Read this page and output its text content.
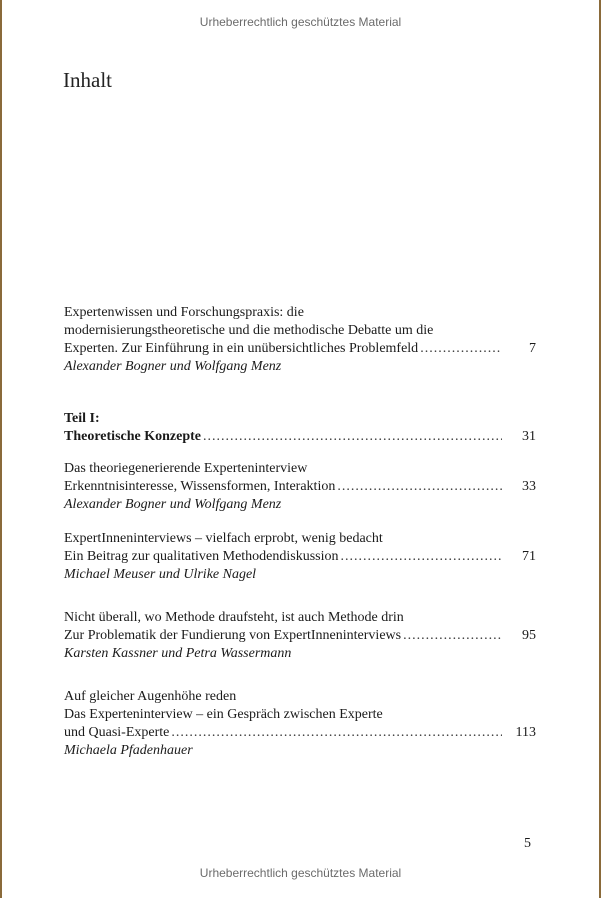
Urheberrechtlich geschütztes Material
Inhalt
Expertenwissen und Forschungspraxis: die
modernisierungstheoretische und die methodische Debatte um die
Experten. Zur Einführung in ein unübersichtliches Problemfeld .....	7
Alexander Bogner und Wolfgang Menz
Teil I:
Theoretische Konzepte .....	31
Das theoriegenerierende Experteninterview
Erkenntnisinteresse, Wissensformen, Interaktion .....	33
Alexander Bogner und Wolfgang Menz
ExpertInneninterviews – vielfach erprobt, wenig bedacht
Ein Beitrag zur qualitativen Methodendiskussion .....	71
Michael Meuser und Ulrike Nagel
Nicht überall, wo Methode draufsteht, ist auch Methode drin
Zur Problematik der Fundierung von ExpertInneninterviews .....	95
Karsten Kassner und Petra Wassermann
Auf gleicher Augenhöhe reden
Das Experteninterview – ein Gespräch zwischen Experte
und Quasi-Experte .....	113
Michaela Pfadenhauer
5
Urheberrechtlich geschütztes Material
